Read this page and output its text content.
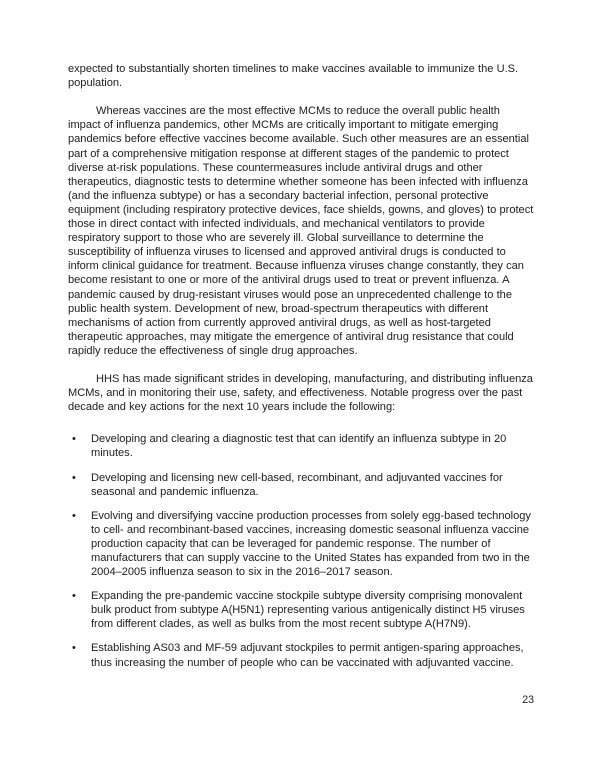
expected to substantially shorten timelines to make vaccines available to immunize the U.S. population.

Whereas vaccines are the most effective MCMs to reduce the overall public health impact of influenza pandemics, other MCMs are critically important to mitigate emerging pandemics before effective vaccines become available. Such other measures are an essential part of a comprehensive mitigation response at different stages of the pandemic to protect diverse at-risk populations. These countermeasures include antiviral drugs and other therapeutics, diagnostic tests to determine whether someone has been infected with influenza (and the influenza subtype) or has a secondary bacterial infection, personal protective equipment (including respiratory protective devices, face shields, gowns, and gloves) to protect those in direct contact with infected individuals, and mechanical ventilators to provide respiratory support to those who are severely ill. Global surveillance to determine the susceptibility of influenza viruses to licensed and approved antiviral drugs is conducted to inform clinical guidance for treatment. Because influenza viruses change constantly, they can become resistant to one or more of the antiviral drugs used to treat or prevent influenza. A pandemic caused by drug-resistant viruses would pose an unprecedented challenge to the public health system. Development of new, broad-spectrum therapeutics with different mechanisms of action from currently approved antiviral drugs, as well as host-targeted therapeutic approaches, may mitigate the emergence of antiviral drug resistance that could rapidly reduce the effectiveness of single drug approaches.

HHS has made significant strides in developing, manufacturing, and distributing influenza MCMs, and in monitoring their use, safety, and effectiveness. Notable progress over the past decade and key actions for the next 10 years include the following:

•	Developing and clearing a diagnostic test that can identify an influenza subtype in 20 minutes.
•	Developing and licensing new cell-based, recombinant, and adjuvanted vaccines for seasonal and pandemic influenza.
•	Evolving and diversifying vaccine production processes from solely egg-based technology to cell- and recombinant-based vaccines, increasing domestic seasonal influenza vaccine production capacity that can be leveraged for pandemic response. The number of manufacturers that can supply vaccine to the United States has expanded from two in the 2004–2005 influenza season to six in the 2016–2017 season.
•	Expanding the pre-pandemic vaccine stockpile subtype diversity comprising monovalent bulk product from subtype A(H5N1) representing various antigenically distinct H5 viruses from different clades, as well as bulks from the most recent subtype A(H7N9).
•	Establishing AS03 and MF-59 adjuvant stockpiles to permit antigen-sparing approaches, thus increasing the number of people who can be vaccinated with adjuvanted vaccine.
23
